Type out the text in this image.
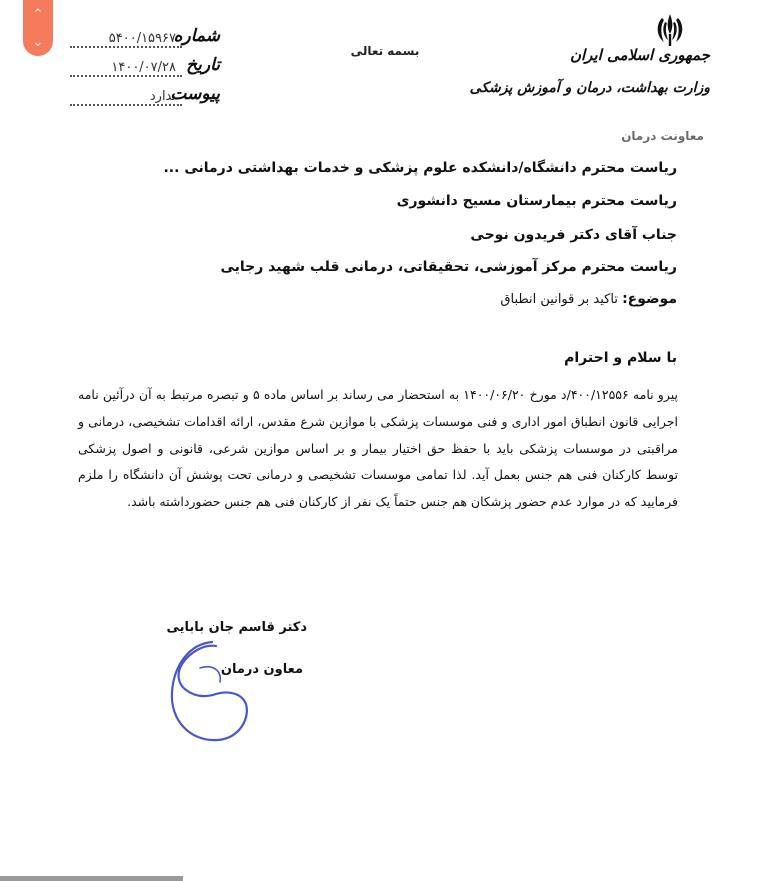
⌃
⌄	شماره
۵۴۰۰/۱۵۹۶۷
تاریخ
۱۴۰۰/۰۷/۲۸
پیوست
ندارد
بسمه تعالی	جمهوری اسلامی ایران
وزارت بهداشت، درمان و آموزش پزشکی
معاونت درمان
ریاست محترم دانشگاه/دانشکده علوم پزشکی و خدمات بهداشتی درمانی ...
ریاست محترم بیمارستان مسیح دانشوری
جناب آقای دکتر فریدون نوحی
ریاست محترم مرکز آموزشی، تحقیقاتی، درمانی قلب شهید رجایی
موضوع: تاکید بر قوانین انطباق
با سلام و احترام
پیرو نامه ۴۰۰/۱۲۵۵۶/د مورخ ۱۴۰۰/۰۶/۲۰ به استحضار می رساند بر اساس ماده ۵ و تبصره مرتبط به آن درآئین نامه اجرایی قانون انطباق امور اداری و فنی موسسات پزشکی با موازین شرع مقدس، ارائه اقدامات تشخیصی، درمانی و مراقبتی در موسسات پزشکی باید با حفظ حق اختیار بیمار و بر اساس موازین شرعی، قانونی و اصول پزشکی توسط کارکنان فنی هم جنس بعمل آید. لذا تمامی موسسات تشخیصی و درمانی تحت پوشش آن دانشگاه را ملزم فرمایید که در موارد عدم حضور پزشکان هم جنس حتماً یک نفر از کارکنان فنی هم جنس حضورداشته باشد.
دکتر قاسم جان بابایی
معاون درمان
